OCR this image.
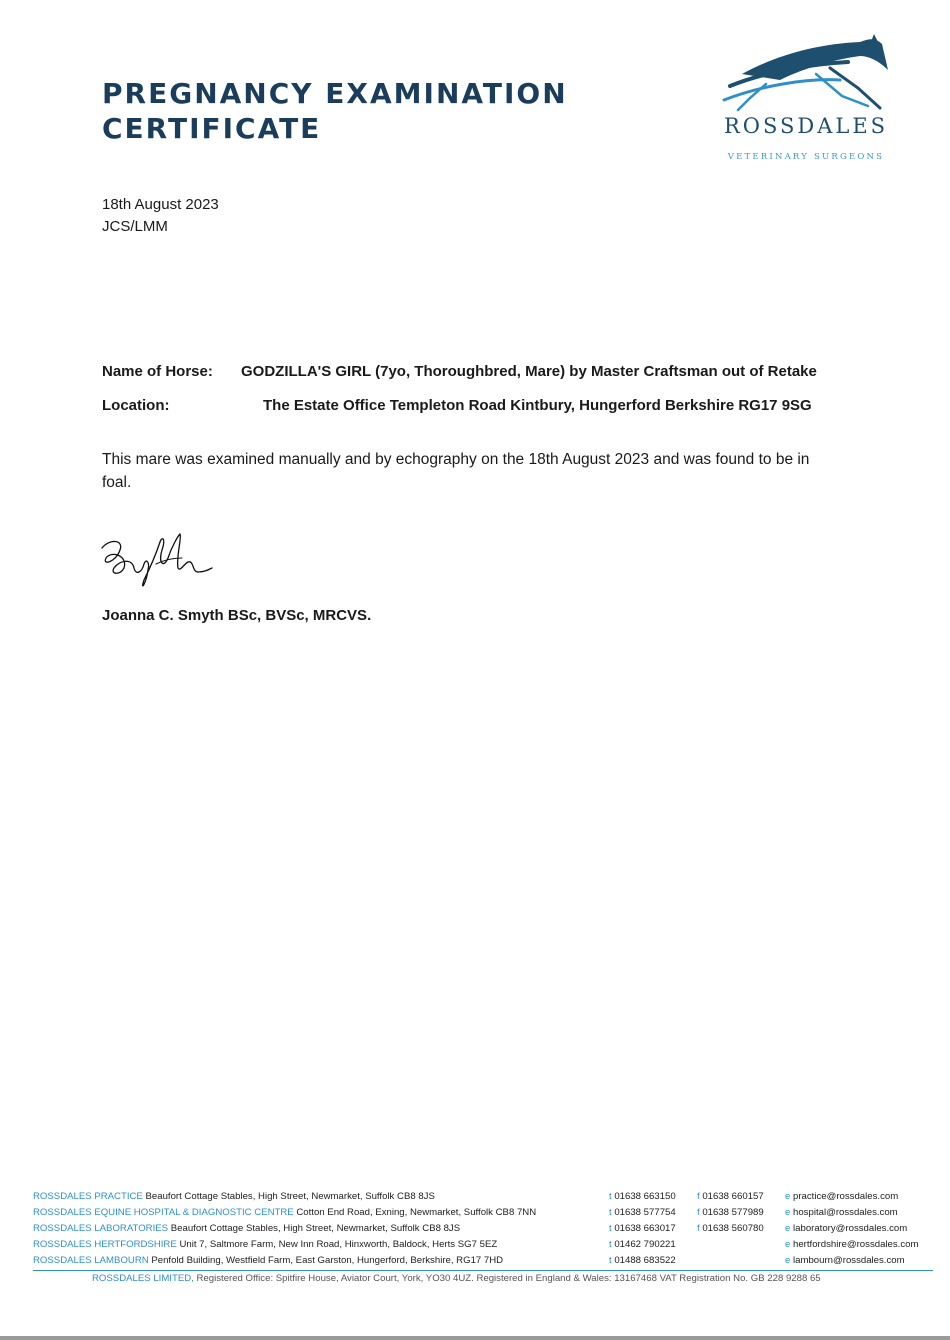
PREGNANCY EXAMINATION
CERTIFICATE	ROSSDALES
VETERINARY SURGEONS
18th August 2023
JCS/LMM
Name of Horse: GODZILLA'S GIRL (7yo, Thoroughbred, Mare) by Master Craftsman out of Retake
Location:	The Estate Office Templeton Road Kintbury, Hungerford Berkshire RG17 9SG

This mare was examined manually and by echography on the 18th August 2023 and was found to be in foal.

Joanna C. Smyth BSc, BVSc, MRCVS.
ROSSDALES PRACTICE Beaufort Cottage Stables, High Street, Newmarket, Suffolk CB8 8JS	t 01638 663150 f 01638 660157 e practice@rossdales.com
ROSSDALES EQUINE HOSPITAL & DIAGNOSTIC CENTRE Cotton End Road, Exning, Newmarket, Suffolk CB8 7NN	t 01638 577754 f 01638 577989 e hospital@rossdales.com
ROSSDALES LABORATORIES Beaufort Cottage Stables, High Street, Newmarket, Suffolk CB8 8JS	t 01638 663017 f 01638 560780 e laboratory@rossdales.com
ROSSDALES HERTFORDSHIRE Unit 7, Saltmore Farm, New Inn Road, Hinxworth, Baldock, Herts SG7 5EZ	t 01462 790221	e hertfordshire@rossdales.com
ROSSDALES LAMBOURN Penfold Building, Westfield Farm, East Garston, Hungerford, Berkshire, RG17 7HD	t 01488 683522	e lambourn@rossdales.com
ROSSDALES LIMITED, Registered Office: Spitfire House, Aviator Court, York, YO30 4UZ. Registered in England & Wales: 13167468 VAT Registration No. GB 228 9288 65
